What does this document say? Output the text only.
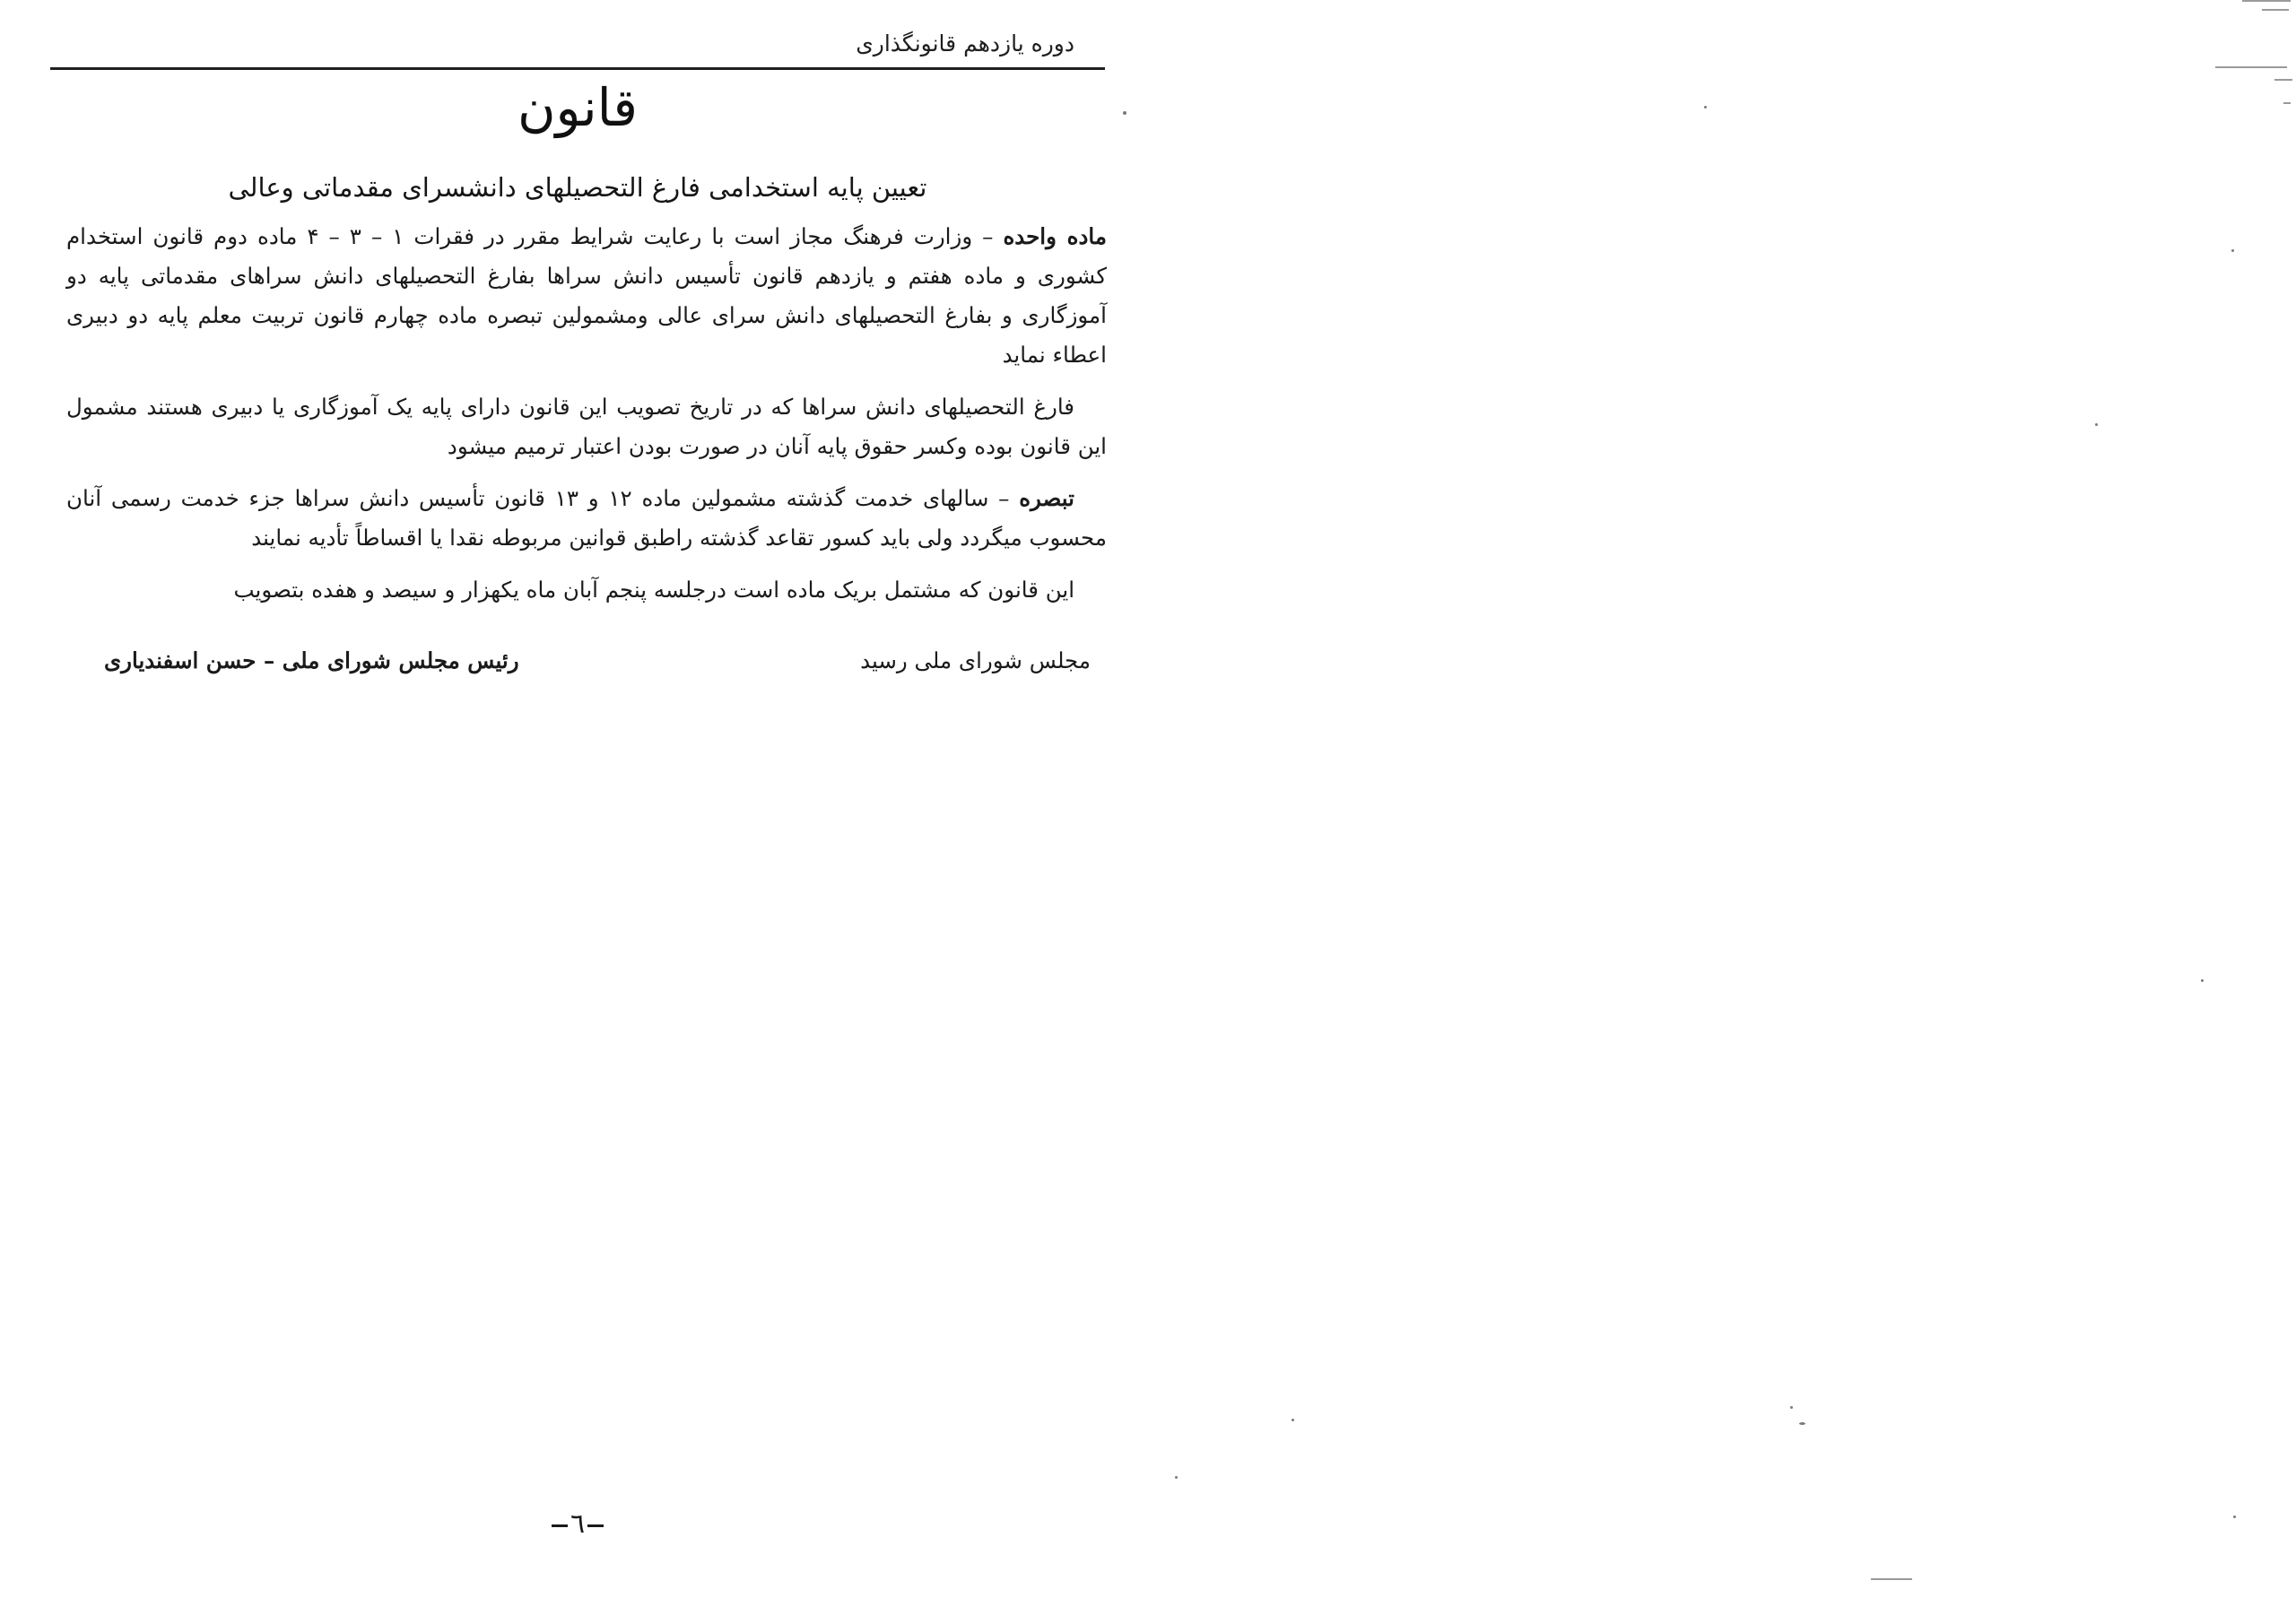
دوره یازدهم قانونگذاری
قانون
تعیین پایه استخدامی فارغ التحصیلهای دانشسرای مقدماتی وعالی

ماده واحده – وزارت فرهنگ مجاز است با رعایت شرایط مقرر در فقرات ۱ – ۳ – ۴ ماده دوم قانون استخدام کشوری و ماده هفتم و یازدهم قانون تأسیس دانش سراها بفارغ التحصیلهای دانش سراهای مقدماتی پایه دو آموزگاری و بفارغ التحصیلهای دانش سرای عالی ومشمولین تبصره ماده چهارم قانون تربیت معلم پایه دو دبیری اعطاء نماید

فارغ التحصیلهای دانش سراها که در تاریخ تصویب این قانون دارای پایه یک آموزگاری یا دبیری هستند مشمول این قانون بوده وکسر حقوق پایه آنان در صورت بودن اعتبار ترمیم میشود

تبصره – سالهای خدمت گذشته مشمولین ماده ۱۲ و ۱۳ قانون تأسیس دانش سراها جزء خدمت رسمی آنان محسوب میگردد ولی باید کسور تقاعد گذشته راطبق قوانین مربوطه نقدا یا اقساطاً تأدیه نمایند

این قانون که مشتمل بریک ماده است درجلسه پنجم آبان ماه یکهزار و سیصد و هفده بتصویب

مجلس شورای ملی رسید
رئیس مجلس شورای ملی – حسن اسفندیاری
٦
